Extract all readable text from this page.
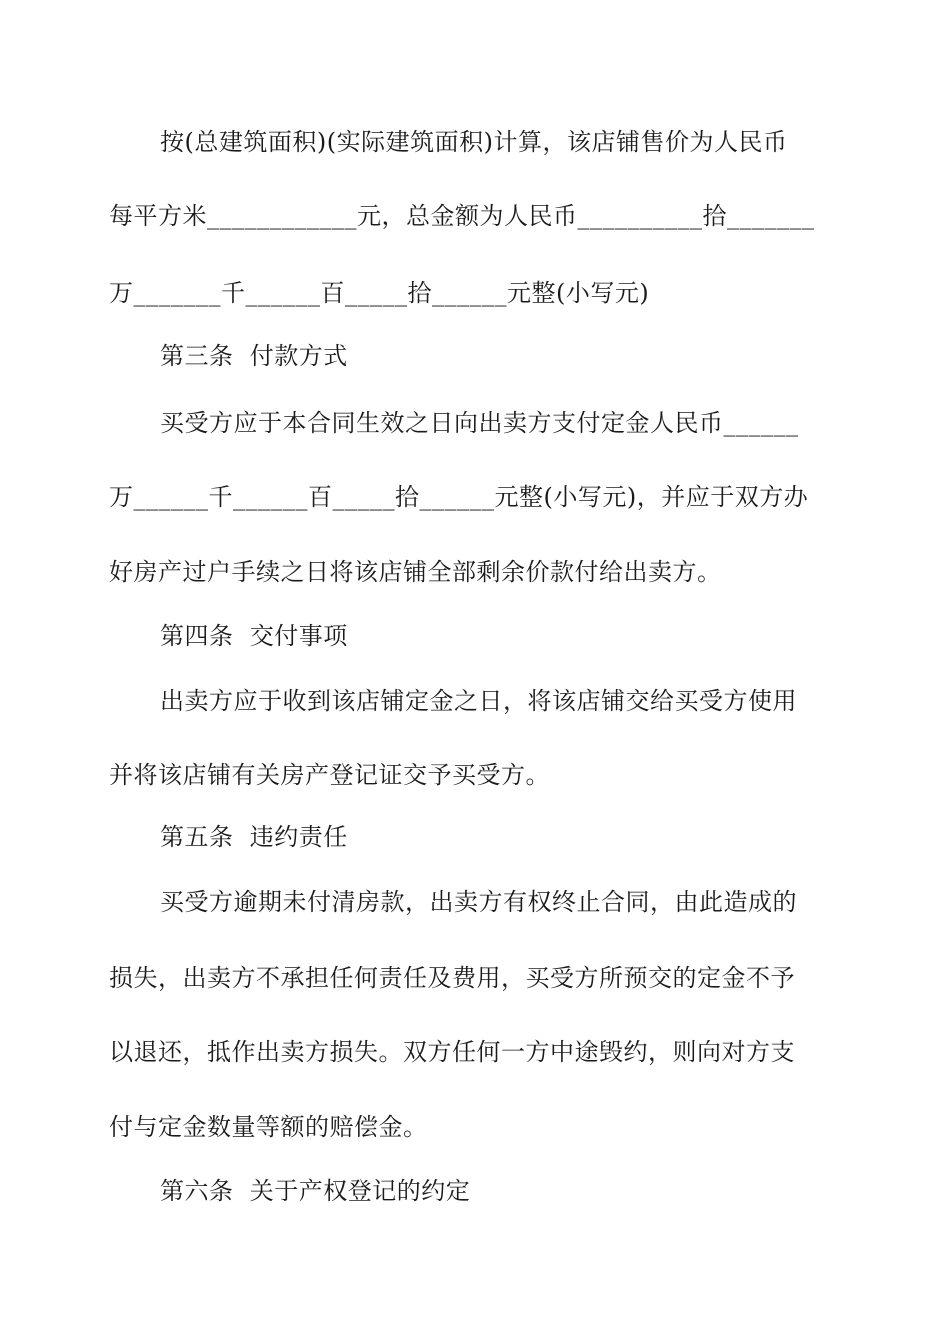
按(总建筑面积)(实际建筑面积)计算，该店铺售价为人民币
每平方米____________元，总金额为人民币__________拾_______
万_______千______百_____拾______元整(小写元)
第三条  付款方式
买受方应于本合同生效之日向出卖方支付定金人民币______
万______千______百_____拾______元整(小写元)，并应于双方办
好房产过户手续之日将该店铺全部剩余价款付给出卖方。
第四条  交付事项
出卖方应于收到该店铺定金之日，将该店铺交给买受方使用
并将该店铺有关房产登记证交予买受方。
第五条  违约责任
买受方逾期未付清房款，出卖方有权终止合同，由此造成的
损失，出卖方不承担任何责任及费用，买受方所预交的定金不予
以退还，抵作出卖方损失。双方任何一方中途毁约，则向对方支
付与定金数量等额的赔偿金。
第六条  关于产权登记的约定
